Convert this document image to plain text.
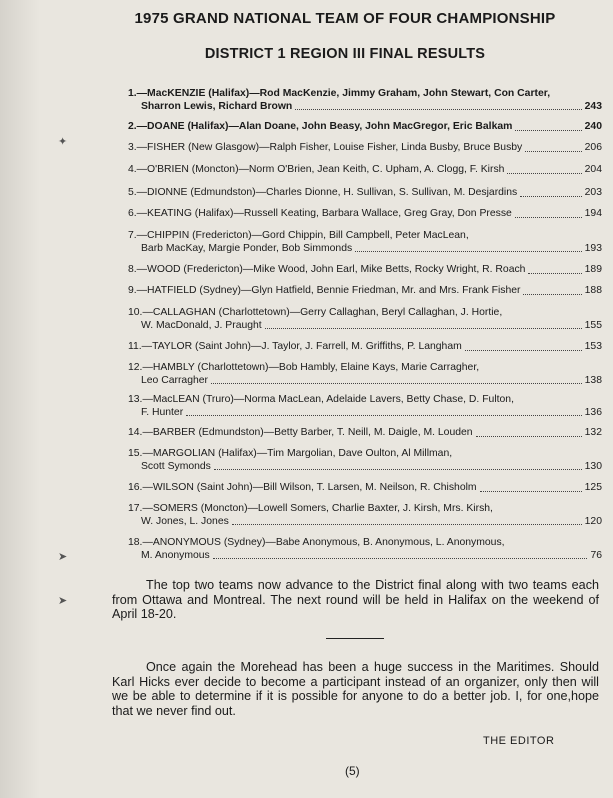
✦
➤
➤
1975 GRAND NATIONAL TEAM OF FOUR CHAMPIONSHIP
DISTRICT 1 REGION III FINAL RESULTS
1.—MacKENZIE (Halifax)—Rod MacKenzie, Jimmy Graham, John Stewart, Con Carter,
Sharron Lewis, Richard Brown	243
2.—DOANE (Halifax)—Alan Doane, John Beasy, John MacGregor, Eric Balkam	240
3.—FISHER (New Glasgow)—Ralph Fisher, Louise Fisher, Linda Busby, Bruce Busby	206
4.—O'BRIEN (Moncton)—Norm O'Brien, Jean Keith, C. Upham, A. Clogg, F. Kirsh	204
5.—DIONNE (Edmundston)—Charles Dionne, H. Sullivan, S. Sullivan, M. Desjardins	203
6.—KEATING (Halifax)—Russell Keating, Barbara Wallace, Greg Gray, Don Presse	194
7.—CHIPPIN (Fredericton)—Gord Chippin, Bill Campbell, Peter MacLean,
Barb MacKay, Margie Ponder, Bob Simmonds	193
8.—WOOD (Fredericton)—Mike Wood, John Earl, Mike Betts, Rocky Wright, R. Roach	189
9.—HATFIELD (Sydney)—Glyn Hatfield, Bennie Friedman, Mr. and Mrs. Frank Fisher	188
10.—CALLAGHAN (Charlottetown)—Gerry Callaghan, Beryl Callaghan, J. Hortie,
W. MacDonald, J. Praught	155
11.—TAYLOR (Saint John)—J. Taylor, J. Farrell, M. Griffiths, P. Langham	153
12.—HAMBLY (Charlottetown)—Bob Hambly, Elaine Kays, Marie Carragher,
Leo Carragher	138
13.—MacLEAN (Truro)—Norma MacLean, Adelaide Lavers, Betty Chase, D. Fulton,
F. Hunter	136
14.—BARBER (Edmundston)—Betty Barber, T. Neill, M. Daigle, M. Louden	132
15.—MARGOLIAN (Halifax)—Tim Margolian, Dave Oulton, Al Millman,
Scott Symonds	130
16.—WILSON (Saint John)—Bill Wilson, T. Larsen, M. Neilson, R. Chisholm	125
17.—SOMERS (Moncton)—Lowell Somers, Charlie Baxter, J. Kirsh, Mrs. Kirsh,
W. Jones, L. Jones	120
18.—ANONYMOUS (Sydney)—Babe Anonymous, B. Anonymous, L. Anonymous,
M. Anonymous	76

The top two teams now advance to the District final along with two teams each from Ottawa and Montreal. The next round will be held in Halifax on the weekend of April 18-20.

Once again the Morehead has been a huge success in the Maritimes. Should Karl Hicks ever decide to become a participant instead of an organizer, only then will we be able to determine if it is possible for anyone to do a better job. I, for one,hope that we never find out.

THE EDITOR
(5)
